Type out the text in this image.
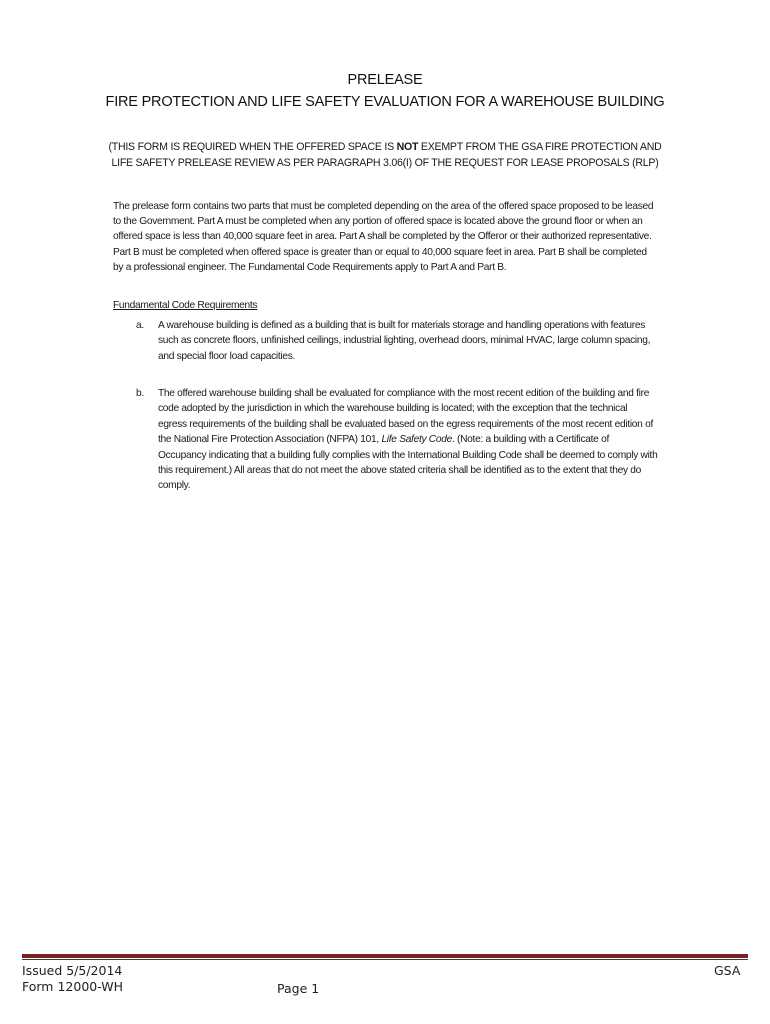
PRELEASE
FIRE PROTECTION AND LIFE SAFETY EVALUATION FOR A WAREHOUSE BUILDING
(THIS FORM IS REQUIRED WHEN THE OFFERED SPACE IS NOT EXEMPT FROM THE GSA FIRE PROTECTION AND LIFE SAFETY PRELEASE REVIEW AS PER PARAGRAPH 3.06(I) OF THE REQUEST FOR LEASE PROPOSALS (RLP)
The prelease form contains two parts that must be completed depending on the area of the offered space proposed to be leased to the Government. Part A must be completed when any portion of offered space is located above the ground floor or when an offered space is less than 40,000 square feet in area. Part A shall be completed by the Offeror or their authorized representative. Part B must be completed when offered space is greater than or equal to 40,000 square feet in area. Part B shall be completed by a professional engineer. The Fundamental Code Requirements apply to Part A and Part B.
Fundamental Code Requirements
a. A warehouse building is defined as a building that is built for materials storage and handling operations with features such as concrete floors, unfinished ceilings, industrial lighting, overhead doors, minimal HVAC, large column spacing, and special floor load capacities.
b. The offered warehouse building shall be evaluated for compliance with the most recent edition of the building and fire code adopted by the jurisdiction in which the warehouse building is located; with the exception that the technical egress requirements of the building shall be evaluated based on the egress requirements of the most recent edition of the National Fire Protection Association (NFPA) 101, Life Safety Code. (Note: a building with a Certificate of Occupancy indicating that a building fully complies with the International Building Code shall be deemed to comply with this requirement.) All areas that do not meet the above stated criteria shall be identified as to the extent that they do comply.
Issued 5/5/2014
Form 12000-WH	Page 1
GSA
